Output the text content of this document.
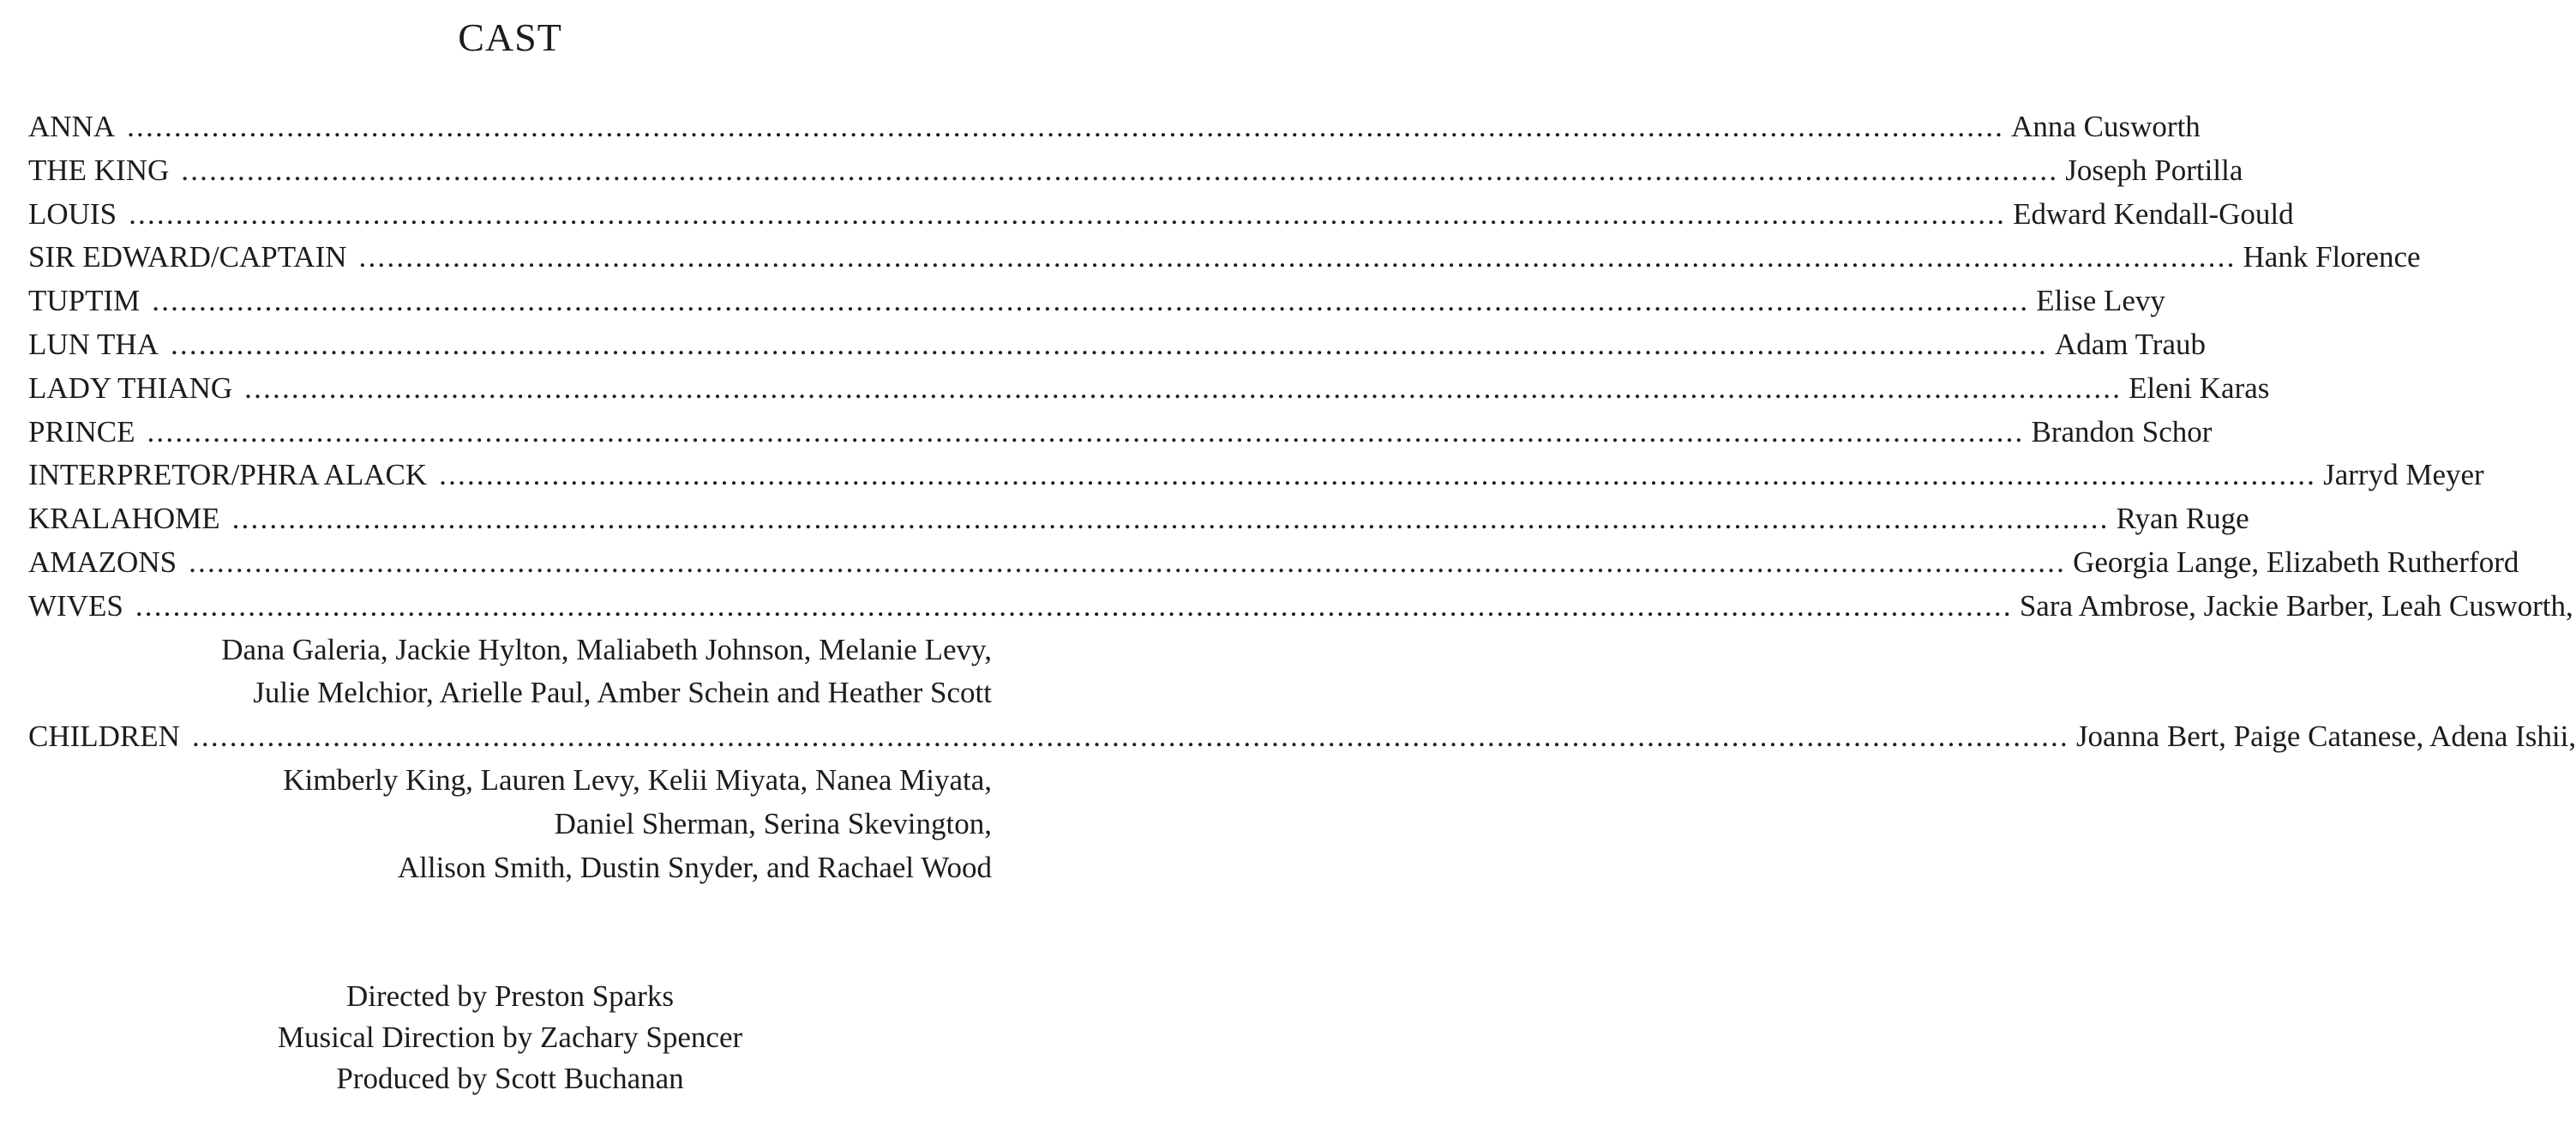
CAST
ANNA ........................................................................................................................................................................................................ Anna Cusworth
THE KING ........................................................................................................................................................................................................ Joseph Portilla
LOUIS ........................................................................................................................................................................................................ Edward Kendall-Gould
SIR EDWARD/CAPTAIN ........................................................................................................................................................................................................ Hank Florence
TUPTIM ........................................................................................................................................................................................................ Elise Levy
LUN THA ........................................................................................................................................................................................................ Adam Traub
LADY THIANG ........................................................................................................................................................................................................ Eleni Karas
PRINCE ........................................................................................................................................................................................................ Brandon Schor
INTERPRETOR/PHRA ALACK ........................................................................................................................................................................................................ Jarryd Meyer
KRALAHOME ........................................................................................................................................................................................................ Ryan Ruge
AMAZONS ........................................................................................................................................................................................................ Georgia Lange, Elizabeth Rutherford
WIVES ........................................................................................................................................................................................................ Sara Ambrose, Jackie Barber, Leah Cusworth,
Dana Galeria, Jackie Hylton, Maliabeth Johnson, Melanie Levy,
Julie Melchior, Arielle Paul, Amber Schein and Heather Scott
CHILDREN ........................................................................................................................................................................................................ Joanna Bert, Paige Catanese, Adena Ishii,
Kimberly King, Lauren Levy, Kelii Miyata, Nanea Miyata,
Daniel Sherman, Serina Skevington,
Allison Smith, Dustin Snyder, and Rachael Wood
Directed by Preston Sparks
Musical Direction by Zachary Spencer
Produced by Scott Buchanan
